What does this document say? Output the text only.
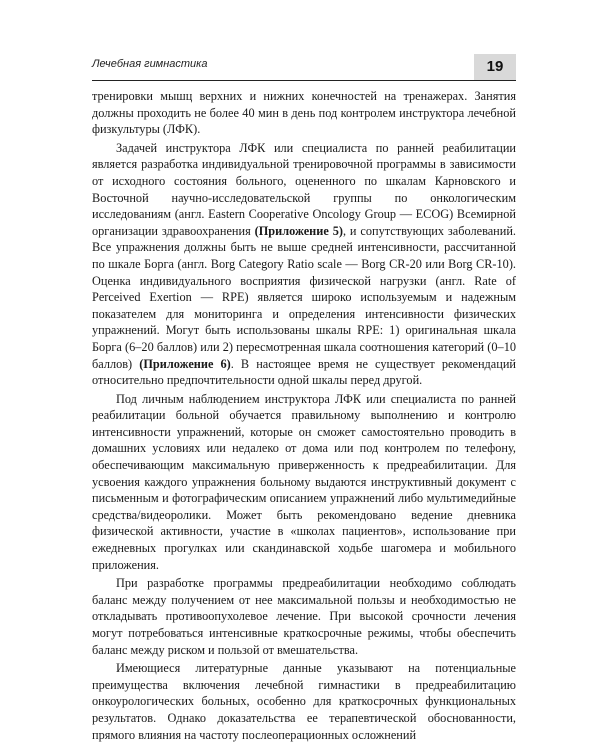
Лечебная гимнастика	19

тренировки мышц верхних и нижних конечностей на тренажерах. Занятия должны проходить не более 40 мин в день под контролем инструктора лечебной физкультуры (ЛФК).

Задачей инструктора ЛФК или специалиста по ранней реабилитации является разработка индивидуальной тренировочной программы в зависимости от исходного состояния больного, оцененного по шкалам Карновского и Восточной научно-исследовательской группы по онкологическим исследованиям (англ. Eastern Cooperative Oncology Group — ECOG) Всемирной организации здравоохранения (Приложение 5), и сопутствующих заболеваний. Все упражнения должны быть не выше средней интенсивности, рассчитанной по шкале Борга (англ. Borg Category Ratio scale — Borg CR-20 или Borg CR-10). Оценка индивидуального восприятия физической нагрузки (англ. Rate of Perceived Exertion — RPE) является широко используемым и надежным показателем для мониторинга и определения интенсивности физических упражнений. Могут быть использованы шкалы RPE: 1) оригинальная шкала Борга (6–20 баллов) или 2) пересмотренная шкала соотношения категорий (0–10 баллов) (Приложение 6). В настоящее время не существует рекомендаций относительно предпочтительности одной шкалы перед другой.

Под личным наблюдением инструктора ЛФК или специалиста по ранней реабилитации больной обучается правильному выполнению и контролю интенсивности упражнений, которые он сможет самостоятельно проводить в домашних условиях или недалеко от дома или под контролем по телефону, обеспечивающим максимальную приверженность к предреабилитации. Для усвоения каждого упражнения больному выдаются инструктивный документ с письменным и фотографическим описанием упражнений либо мультимедийные средства/видеоролики. Может быть рекомендовано ведение дневника физической активности, участие в «школах пациентов», использование при ежедневных прогулках или скандинавской ходьбе шагомера и мобильного приложения.

При разработке программы предреабилитации необходимо соблюдать баланс между получением от нее максимальной пользы и необходимостью не откладывать противоопухолевое лечение. При высокой срочности лечения могут потребоваться интенсивные краткосрочные режимы, чтобы обеспечить баланс между риском и пользой от вмешательства.

Имеющиеся литературные данные указывают на потенциальные преимущества включения лечебной гимнастики в предреабилитацию онкоурологических больных, особенно для краткосрочных функциональных результатов. Однако доказательства ее терапевтической обоснованности, прямого влияния на частоту послеоперационных осложнений
